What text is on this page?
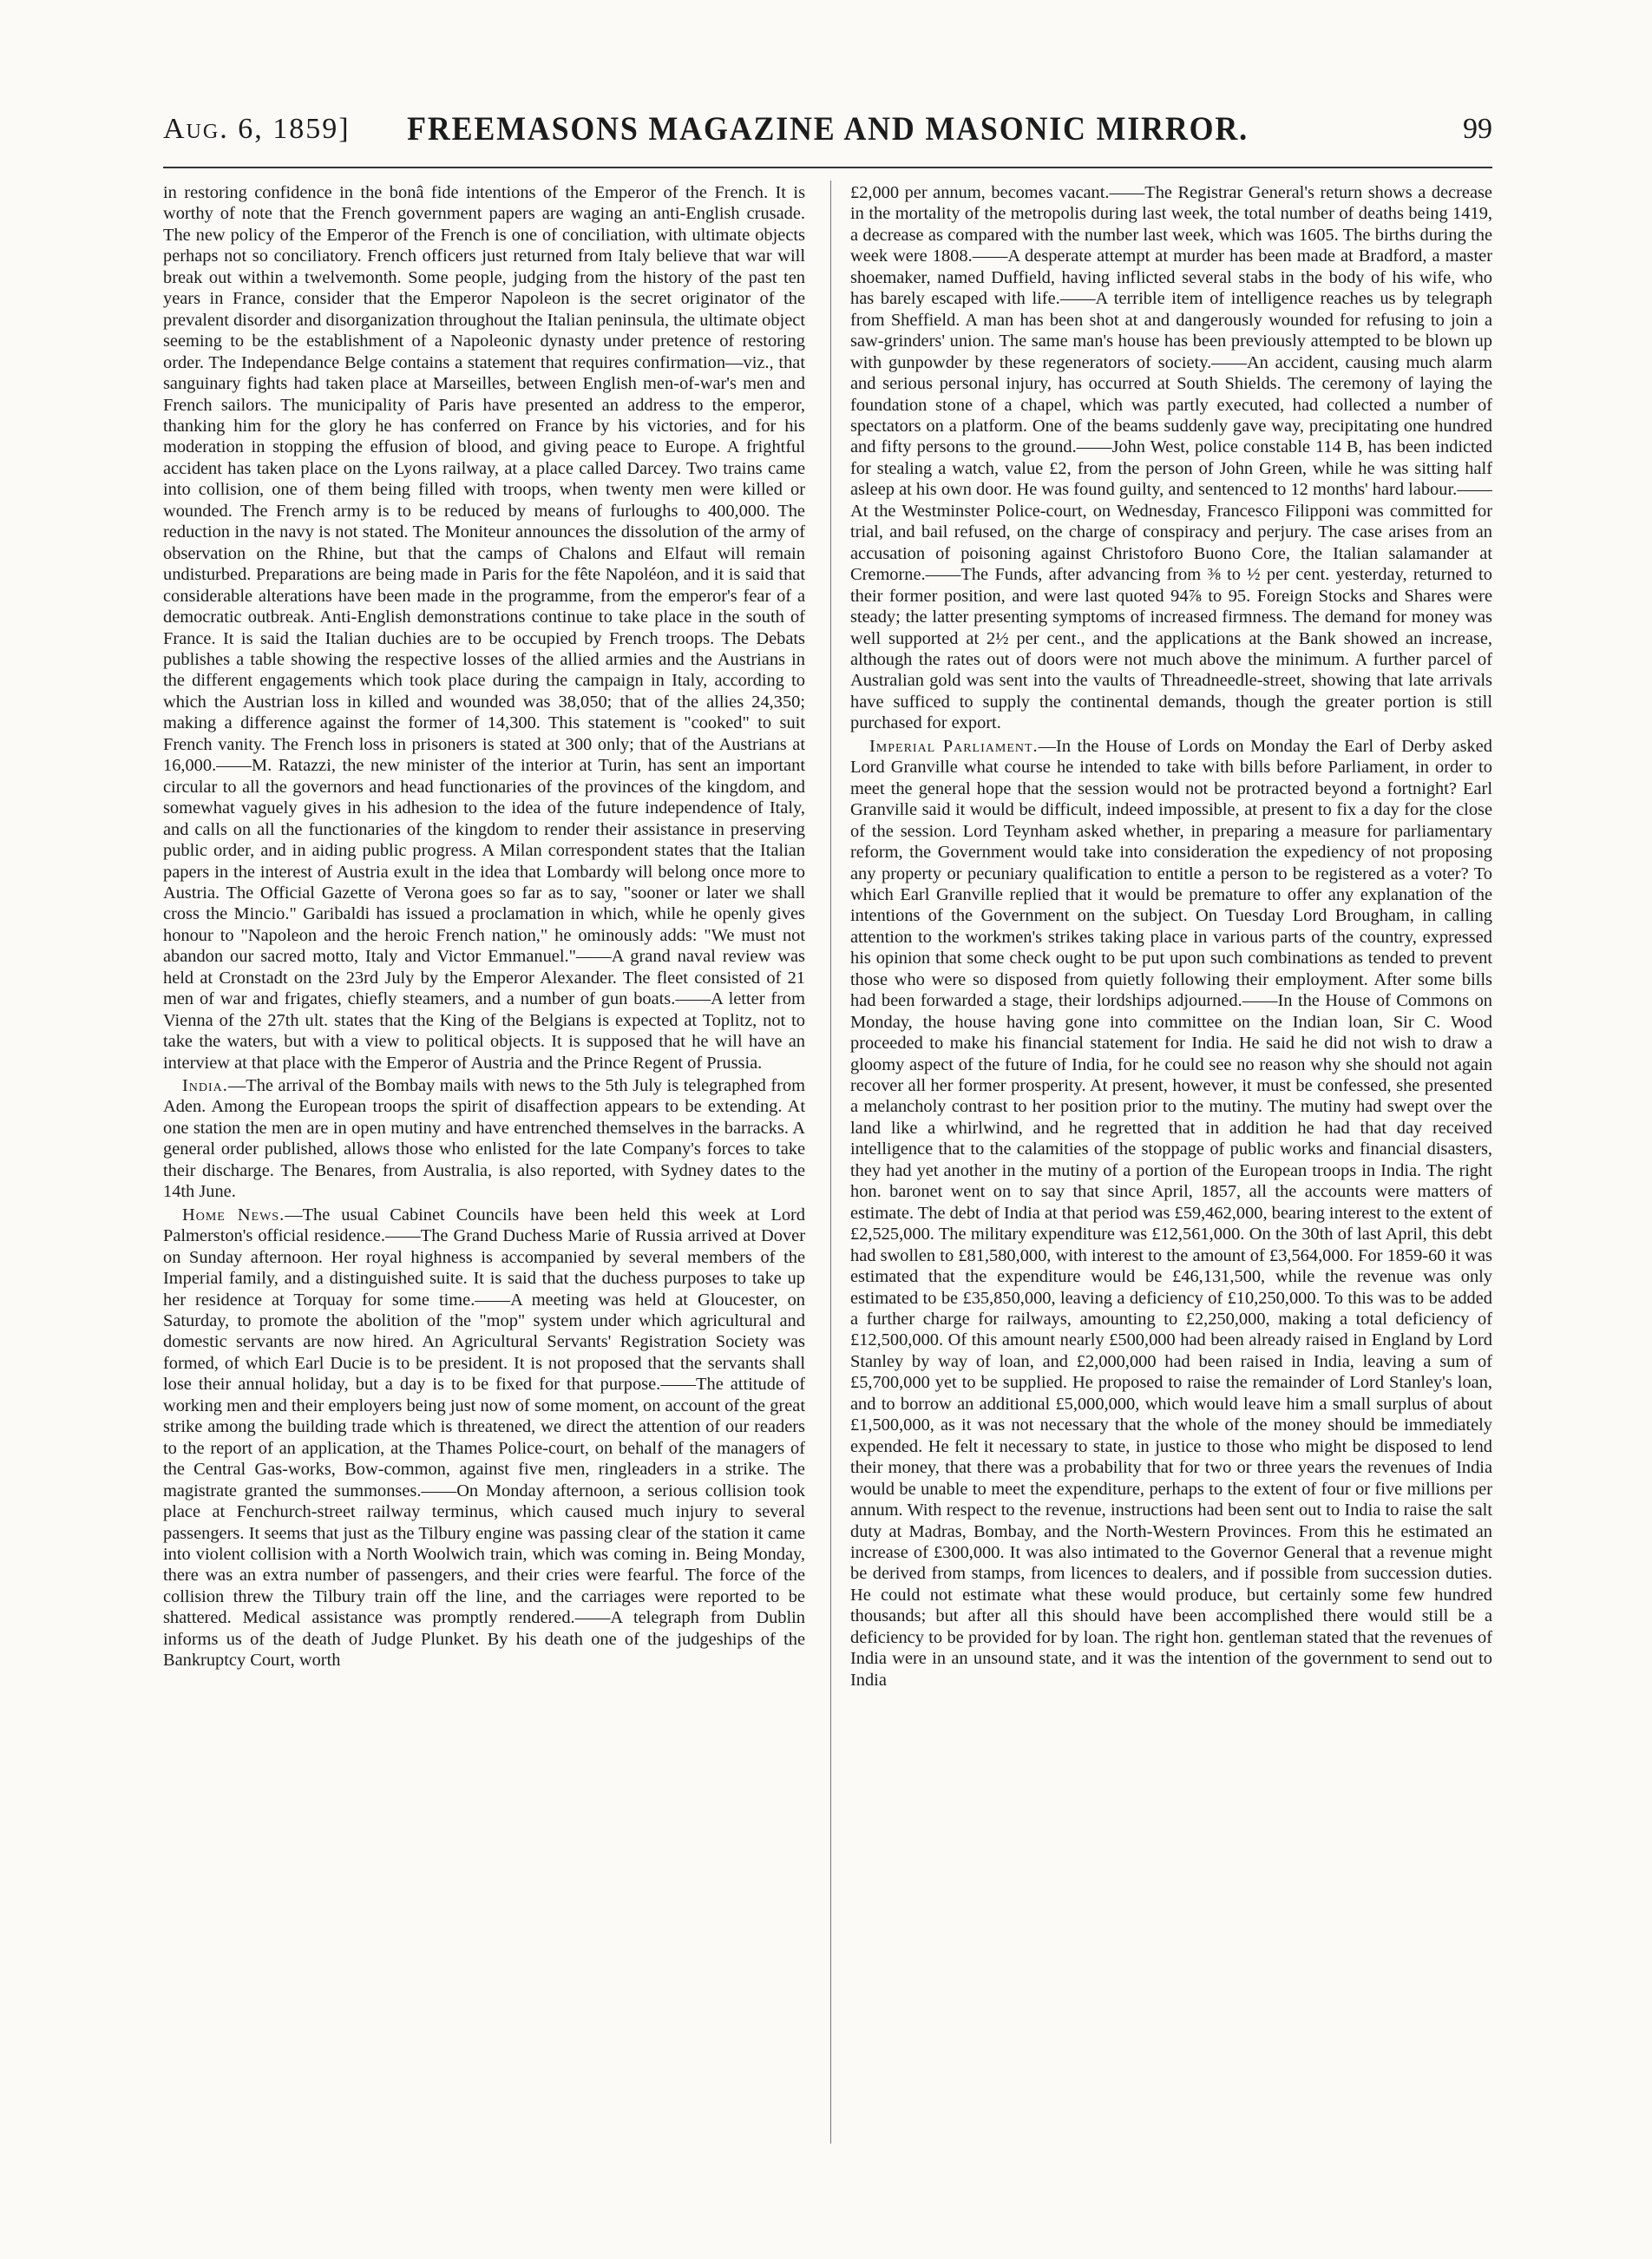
Aug. 6, 1859]	FREEMASONS MAGAZINE AND MASONIC MIRROR.	99

in restoring confidence in the bonâ fide intentions of the Emperor of the French. It is worthy of note that the French government papers are waging an anti-English crusade. The new policy of the Emperor of the French is one of conciliation, with ultimate objects perhaps not so conciliatory. French officers just returned from Italy believe that war will break out within a twelvemonth. Some people, judging from the history of the past ten years in France, consider that the Emperor Napoleon is the secret originator of the prevalent disorder and disorganization throughout the Italian peninsula, the ultimate object seeming to be the establishment of a Napoleonic dynasty under pretence of restoring order. The Independance Belge contains a statement that requires confirmation—viz., that sanguinary fights had taken place at Marseilles, between English men-of-war's men and French sailors. The municipality of Paris have presented an address to the emperor, thanking him for the glory he has conferred on France by his victories, and for his moderation in stopping the effusion of blood, and giving peace to Europe. A frightful accident has taken place on the Lyons railway, at a place called Darcey. Two trains came into collision, one of them being filled with troops, when twenty men were killed or wounded. The French army is to be reduced by means of furloughs to 400,000. The reduction in the navy is not stated. The Moniteur announces the dissolution of the army of observation on the Rhine, but that the camps of Chalons and Elfaut will remain undisturbed. Preparations are being made in Paris for the fête Napoléon, and it is said that considerable alterations have been made in the programme, from the emperor's fear of a democratic outbreak. Anti-English demonstrations continue to take place in the south of France. It is said the Italian duchies are to be occupied by French troops. The Debats publishes a table showing the respective losses of the allied armies and the Austrians in the different engagements which took place during the campaign in Italy, according to which the Austrian loss in killed and wounded was 38,050; that of the allies 24,350; making a difference against the former of 14,300. This statement is "cooked" to suit French vanity. The French loss in prisoners is stated at 300 only; that of the Austrians at 16,000.——M. Ratazzi, the new minister of the interior at Turin, has sent an important circular to all the governors and head functionaries of the provinces of the kingdom, and somewhat vaguely gives in his adhesion to the idea of the future independence of Italy, and calls on all the functionaries of the kingdom to render their assistance in preserving public order, and in aiding public progress. A Milan correspondent states that the Italian papers in the interest of Austria exult in the idea that Lombardy will belong once more to Austria. The Official Gazette of Verona goes so far as to say, "sooner or later we shall cross the Mincio." Garibaldi has issued a proclamation in which, while he openly gives honour to "Napoleon and the heroic French nation," he ominously adds: "We must not abandon our sacred motto, Italy and Victor Emmanuel."——A grand naval review was held at Cronstadt on the 23rd July by the Emperor Alexander. The fleet consisted of 21 men of war and frigates, chiefly steamers, and a number of gun boats.——A letter from Vienna of the 27th ult. states that the King of the Belgians is expected at Toplitz, not to take the waters, but with a view to political objects. It is supposed that he will have an interview at that place with the Emperor of Austria and the Prince Regent of Prussia.

India.—The arrival of the Bombay mails with news to the 5th July is telegraphed from Aden. Among the European troops the spirit of disaffection appears to be extending. At one station the men are in open mutiny and have entrenched themselves in the barracks. A general order published, allows those who enlisted for the late Company's forces to take their discharge. The Benares, from Australia, is also reported, with Sydney dates to the 14th June.

Home News.—The usual Cabinet Councils have been held this week at Lord Palmerston's official residence.——The Grand Duchess Marie of Russia arrived at Dover on Sunday afternoon. Her royal highness is accompanied by several members of the Imperial family, and a distinguished suite. It is said that the duchess purposes to take up her residence at Torquay for some time.——A meeting was held at Gloucester, on Saturday, to promote the abolition of the "mop" system under which agricultural and domestic servants are now hired. An Agricultural Servants' Registration Society was formed, of which Earl Ducie is to be president. It is not proposed that the servants shall lose their annual holiday, but a day is to be fixed for that purpose.——The attitude of working men and their employers being just now of some moment, on account of the great strike among the building trade which is threatened, we direct the attention of our readers to the report of an application, at the Thames Police-court, on behalf of the managers of the Central Gas-works, Bow-common, against five men, ringleaders in a strike. The magistrate granted the summonses.——On Monday afternoon, a serious collision took place at Fenchurch-street railway terminus, which caused much injury to several passengers. It seems that just as the Tilbury engine was passing clear of the station it came into violent collision with a North Woolwich train, which was coming in. Being Monday, there was an extra number of passengers, and their cries were fearful. The force of the collision threw the Tilbury train off the line, and the carriages were reported to be shattered. Medical assistance was promptly rendered.——A telegraph from Dublin informs us of the death of Judge Plunket. By his death one of the judgeships of the Bankruptcy Court, worth

£2,000 per annum, becomes vacant.——The Registrar General's return shows a decrease in the mortality of the metropolis during last week, the total number of deaths being 1419, a decrease as compared with the number last week, which was 1605. The births during the week were 1808.——A desperate attempt at murder has been made at Bradford, a master shoemaker, named Duffield, having inflicted several stabs in the body of his wife, who has barely escaped with life.——A terrible item of intelligence reaches us by telegraph from Sheffield. A man has been shot at and dangerously wounded for refusing to join a saw-grinders' union. The same man's house has been previously attempted to be blown up with gunpowder by these regenerators of society.——An accident, causing much alarm and serious personal injury, has occurred at South Shields. The ceremony of laying the foundation stone of a chapel, which was partly executed, had collected a number of spectators on a platform. One of the beams suddenly gave way, precipitating one hundred and fifty persons to the ground.——John West, police constable 114 B, has been indicted for stealing a watch, value £2, from the person of John Green, while he was sitting half asleep at his own door. He was found guilty, and sentenced to 12 months' hard labour.——At the Westminster Police-court, on Wednesday, Francesco Filipponi was committed for trial, and bail refused, on the charge of conspiracy and perjury. The case arises from an accusation of poisoning against Christoforo Buono Core, the Italian salamander at Cremorne.——The Funds, after advancing from ⅜ to ½ per cent. yesterday, returned to their former position, and were last quoted 94⅞ to 95. Foreign Stocks and Shares were steady; the latter presenting symptoms of increased firmness. The demand for money was well supported at 2½ per cent., and the applications at the Bank showed an increase, although the rates out of doors were not much above the minimum. A further parcel of Australian gold was sent into the vaults of Threadneedle-street, showing that late arrivals have sufficed to supply the continental demands, though the greater portion is still purchased for export.

Imperial Parliament.—In the House of Lords on Monday the Earl of Derby asked Lord Granville what course he intended to take with bills before Parliament, in order to meet the general hope that the session would not be protracted beyond a fortnight? Earl Granville said it would be difficult, indeed impossible, at present to fix a day for the close of the session. Lord Teynham asked whether, in preparing a measure for parliamentary reform, the Government would take into consideration the expediency of not proposing any property or pecuniary qualification to entitle a person to be registered as a voter? To which Earl Granville replied that it would be premature to offer any explanation of the intentions of the Government on the subject. On Tuesday Lord Brougham, in calling attention to the workmen's strikes taking place in various parts of the country, expressed his opinion that some check ought to be put upon such combinations as tended to prevent those who were so disposed from quietly following their employment. After some bills had been forwarded a stage, their lordships adjourned.——In the House of Commons on Monday, the house having gone into committee on the Indian loan, Sir C. Wood proceeded to make his financial statement for India. He said he did not wish to draw a gloomy aspect of the future of India, for he could see no reason why she should not again recover all her former prosperity. At present, however, it must be confessed, she presented a melancholy contrast to her position prior to the mutiny. The mutiny had swept over the land like a whirlwind, and he regretted that in addition he had that day received intelligence that to the calamities of the stoppage of public works and financial disasters, they had yet another in the mutiny of a portion of the European troops in India. The right hon. baronet went on to say that since April, 1857, all the accounts were matters of estimate. The debt of India at that period was £59,462,000, bearing interest to the extent of £2,525,000. The military expenditure was £12,561,000. On the 30th of last April, this debt had swollen to £81,580,000, with interest to the amount of £3,564,000. For 1859-60 it was estimated that the expenditure would be £46,131,500, while the revenue was only estimated to be £35,850,000, leaving a deficiency of £10,250,000. To this was to be added a further charge for railways, amounting to £2,250,000, making a total deficiency of £12,500,000. Of this amount nearly £500,000 had been already raised in England by Lord Stanley by way of loan, and £2,000,000 had been raised in India, leaving a sum of £5,700,000 yet to be supplied. He proposed to raise the remainder of Lord Stanley's loan, and to borrow an additional £5,000,000, which would leave him a small surplus of about £1,500,000, as it was not necessary that the whole of the money should be immediately expended. He felt it necessary to state, in justice to those who might be disposed to lend their money, that there was a probability that for two or three years the revenues of India would be unable to meet the expenditure, perhaps to the extent of four or five millions per annum. With respect to the revenue, instructions had been sent out to India to raise the salt duty at Madras, Bombay, and the North-Western Provinces. From this he estimated an increase of £300,000. It was also intimated to the Governor General that a revenue might be derived from stamps, from licences to dealers, and if possible from succession duties. He could not estimate what these would produce, but certainly some few hundred thousands; but after all this should have been accomplished there would still be a deficiency to be provided for by loan. The right hon. gentleman stated that the revenues of India were in an unsound state, and it was the intention of the government to send out to India
